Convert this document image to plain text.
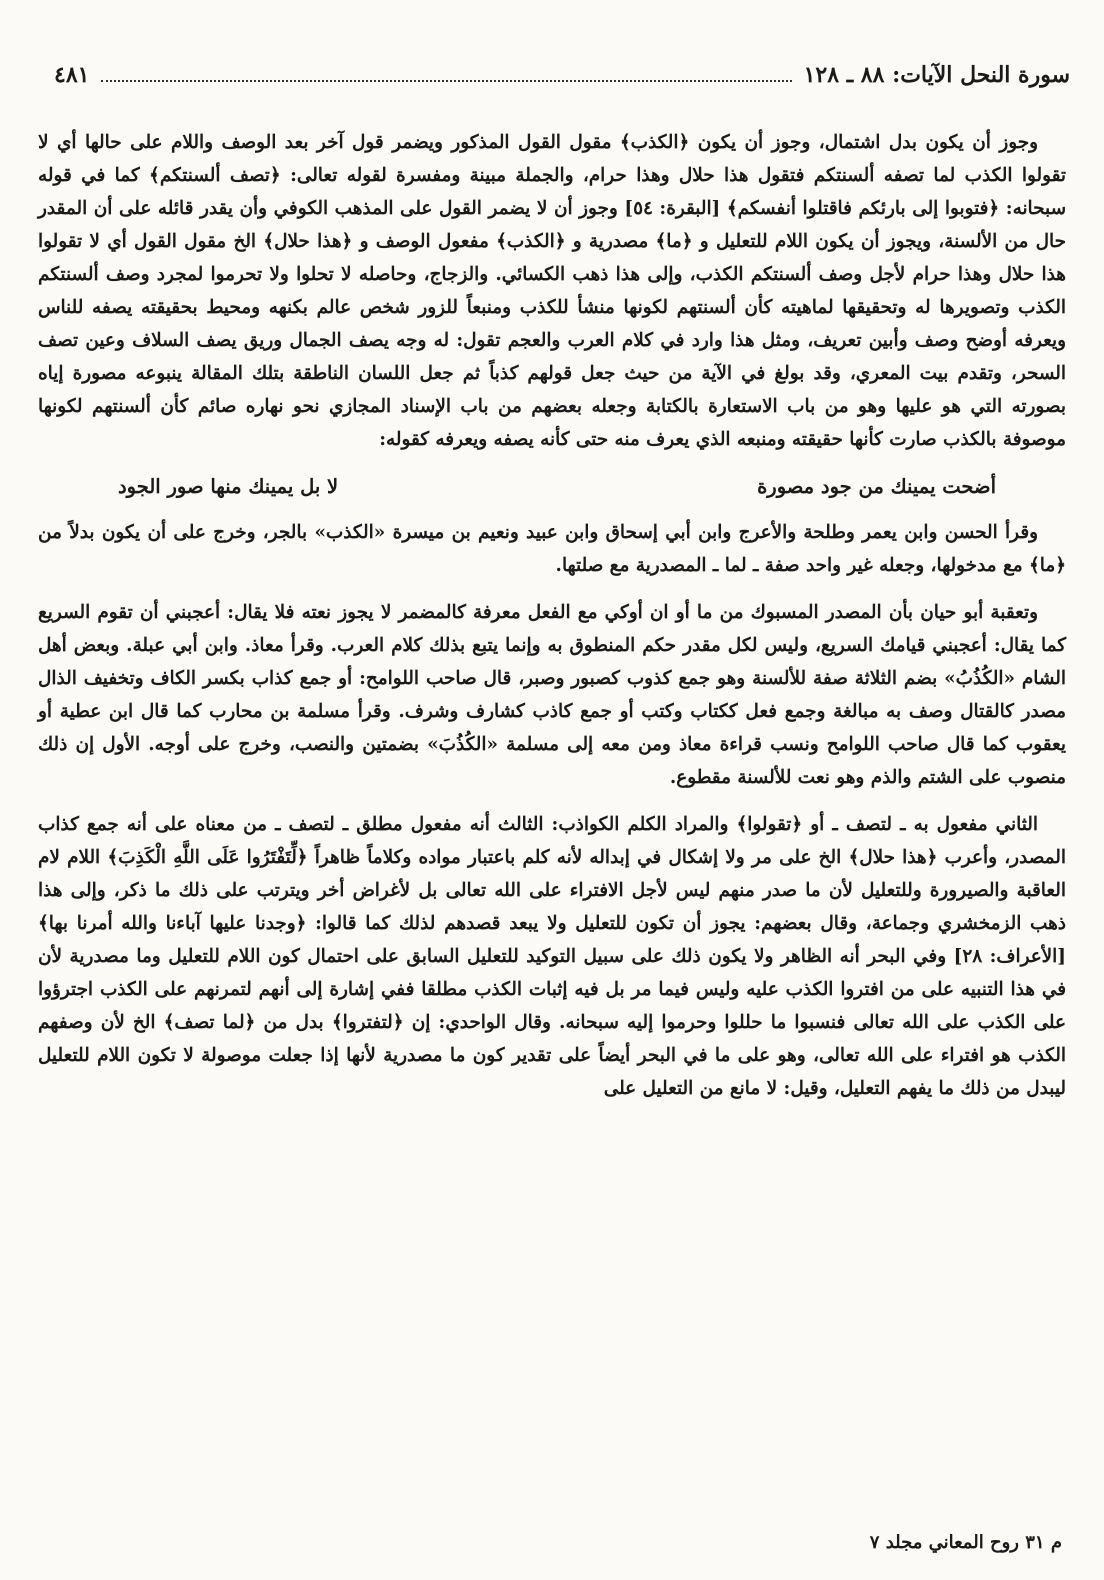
سورة النحل الآيات: ٨٨ ـ ١٢٨
٤٨١

وجوز أن يكون بدل اشتمال، وجوز أن يكون ﴿الكذب﴾ مقول القول المذكور ويضمر قول آخر بعد الوصف واللام على حالها أي لا تقولوا الكذب لما تصفه ألسنتكم فتقول هذا حلال وهذا حرام، والجملة مبينة ومفسرة لقوله تعالى: ﴿تصف ألسنتكم﴾ كما في قوله سبحانه: ﴿فتوبوا إلى بارئكم فاقتلوا أنفسكم﴾ [البقرة: ٥٤] وجوز أن لا يضمر القول على المذهب الكوفي وأن يقدر قائله على أن المقدر حال من الألسنة، ويجوز أن يكون اللام للتعليل و ﴿ما﴾ مصدرية و ﴿الكذب﴾ مفعول الوصف و ﴿هذا حلال﴾ الخ مقول القول أي لا تقولوا هذا حلال وهذا حرام لأجل وصف ألسنتكم الكذب، وإلى هذا ذهب الكسائي. والزجاج، وحاصله لا تحلوا ولا تحرموا لمجرد وصف ألسنتكم الكذب وتصويرها له وتحقيقها لماهيته كأن ألسنتهم لكونها منشأ للكذب ومنبعاً للزور شخص عالم بكنهه ومحيط بحقيقته يصفه للناس ويعرفه أوضح وصف وأبين تعريف، ومثل هذا وارد في كلام العرب والعجم تقول: له وجه يصف الجمال وريق يصف السلاف وعين تصف السحر، وتقدم بيت المعري، وقد بولغ في الآية من حيث جعل قولهم كذباً ثم جعل اللسان الناطقة بتلك المقالة ينبوعه مصورة إياه بصورته التي هو عليها وهو من باب الاستعارة بالكتابة وجعله بعضهم من باب الإسناد المجازي نحو نهاره صائم كأن ألسنتهم لكونها موصوفة بالكذب صارت كأنها حقيقته ومنبعه الذي يعرف منه حتى كأنه يصفه ويعرفه كقوله:

أضحت يمينك من جود مصورة
لا بل يمينك منها صور الجود

وقرأ الحسن وابن يعمر وطلحة والأعرج وابن أبي إسحاق وابن عبيد ونعيم بن ميسرة «الكذب» بالجر، وخرج على أن يكون بدلاً من ﴿ما﴾ مع مدخولها، وجعله غير واحد صفة ـ لما ـ المصدرية مع صلتها.

وتعقبة أبو حيان بأن المصدر المسبوك من ما أو ان أوكي مع الفعل معرفة كالمضمر لا يجوز نعته فلا يقال: أعجبني أن تقوم السريع كما يقال: أعجبني قيامك السريع، وليس لكل مقدر حكم المنطوق به وإنما يتبع بذلك كلام العرب. وقرأ معاذ. وابن أبي عبلة. وبعض أهل الشام «الكُذُبُ» بضم الثلاثة صفة للألسنة وهو جمع كذوب كصبور وصبر، قال صاحب اللوامح: أو جمع كذاب بكسر الكاف وتخفيف الذال مصدر كالقتال وصف به مبالغة وجمع فعل ككتاب وكتب أو جمع كاذب كشارف وشرف. وقرأ مسلمة بن محارب كما قال ابن عطية أو يعقوب كما قال صاحب اللوامح ونسب قراءة معاذ ومن معه إلى مسلمة «الكُذُبَ» بضمتين والنصب، وخرج على أوجه. الأول إن ذلك منصوب على الشتم والذم وهو نعت للألسنة مقطوع.

الثاني مفعول به ـ لتصف ـ أو ﴿تقولوا﴾ والمراد الكلم الكواذب: الثالث أنه مفعول مطلق ـ لتصف ـ من معناه على أنه جمع كذاب المصدر، وأعرب ﴿هذا حلال﴾ الخ على مر ولا إشكال في إبداله لأنه كلم باعتبار مواده وكلاماً ظاهراً ﴿لِّتَفْتَرُوا عَلَى اللَّهِ الْكَذِبَ﴾ اللام لام العاقبة والصيرورة وللتعليل لأن ما صدر منهم ليس لأجل الافتراء على الله تعالى بل لأغراض أخر ويترتب على ذلك ما ذكر، وإلى هذا ذهب الزمخشري وجماعة، وقال بعضهم: يجوز أن تكون للتعليل ولا يبعد قصدهم لذلك كما قالوا: ﴿وجدنا عليها آباءنا والله أمرنا بها﴾ [الأعراف: ٢٨] وفي البحر أنه الظاهر ولا يكون ذلك على سبيل التوكيد للتعليل السابق على احتمال كون اللام للتعليل وما مصدرية لأن في هذا التنبيه على من افتروا الكذب عليه وليس فيما مر بل فيه إثبات الكذب مطلقا ففي إشارة إلى أنهم لتمرنهم على الكذب اجترؤوا على الكذب على الله تعالى فنسبوا ما حللوا وحرموا إليه سبحانه. وقال الواحدي: إن ﴿لتفتروا﴾ بدل من ﴿لما تصف﴾ الخ لأن وصفهم الكذب هو افتراء على الله تعالى، وهو على ما في البحر أيضاً على تقدير كون ما مصدرية لأنها إذا جعلت موصولة لا تكون اللام للتعليل ليبدل من ذلك ما يفهم التعليل، وقيل: لا مانع من التعليل على

م ٣١ روح المعاني مجلد ٧
